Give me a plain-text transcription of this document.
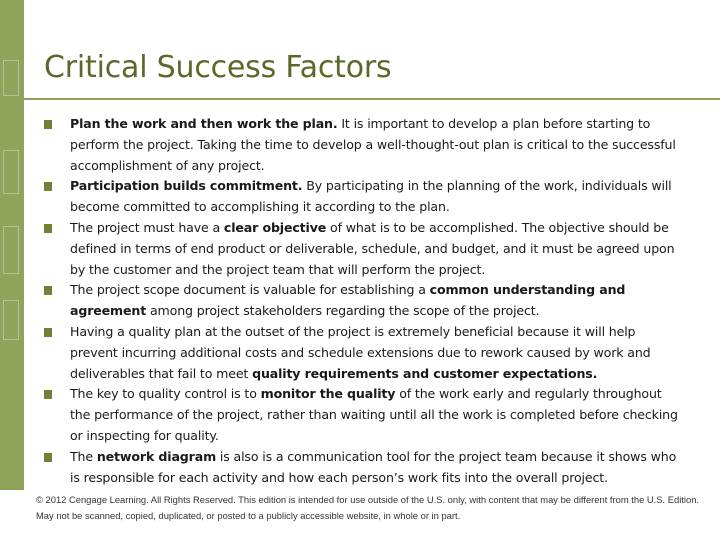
Critical Success Factors
Plan the work and then work the plan. It is important to develop a plan before starting to perform the project. Taking the time to develop a well-thought-out plan is critical to the successful accomplishment of any project.
Participation builds commitment. By participating in the planning of the work, individuals will become committed to accomplishing it according to the plan.
The project must have a clear objective of what is to be accomplished. The objective should be defined in terms of end product or deliverable, schedule, and budget, and it must be agreed upon by the customer and the project team that will perform the project.
The project scope document is valuable for establishing a common understanding and agreement among project stakeholders regarding the scope of the project.
Having a quality plan at the outset of the project is extremely beneficial because it will help prevent incurring additional costs and schedule extensions due to rework caused by work and deliverables that fail to meet quality requirements and customer expectations.
The key to quality control is to monitor the quality of the work early and regularly throughout the performance of the project, rather than waiting until all the work is completed before checking or inspecting for quality.
The network diagram is also is a communication tool for the project team because it shows who is responsible for each activity and how each person’s work fits into the overall project.
© 2012 Cengage Learning. All Rights Reserved. This edition is intended for use outside of the U.S. only, with content that may be different from the U.S. Edition. May not be scanned, copied, duplicated, or posted to a publicly accessible website, in whole or in part.
